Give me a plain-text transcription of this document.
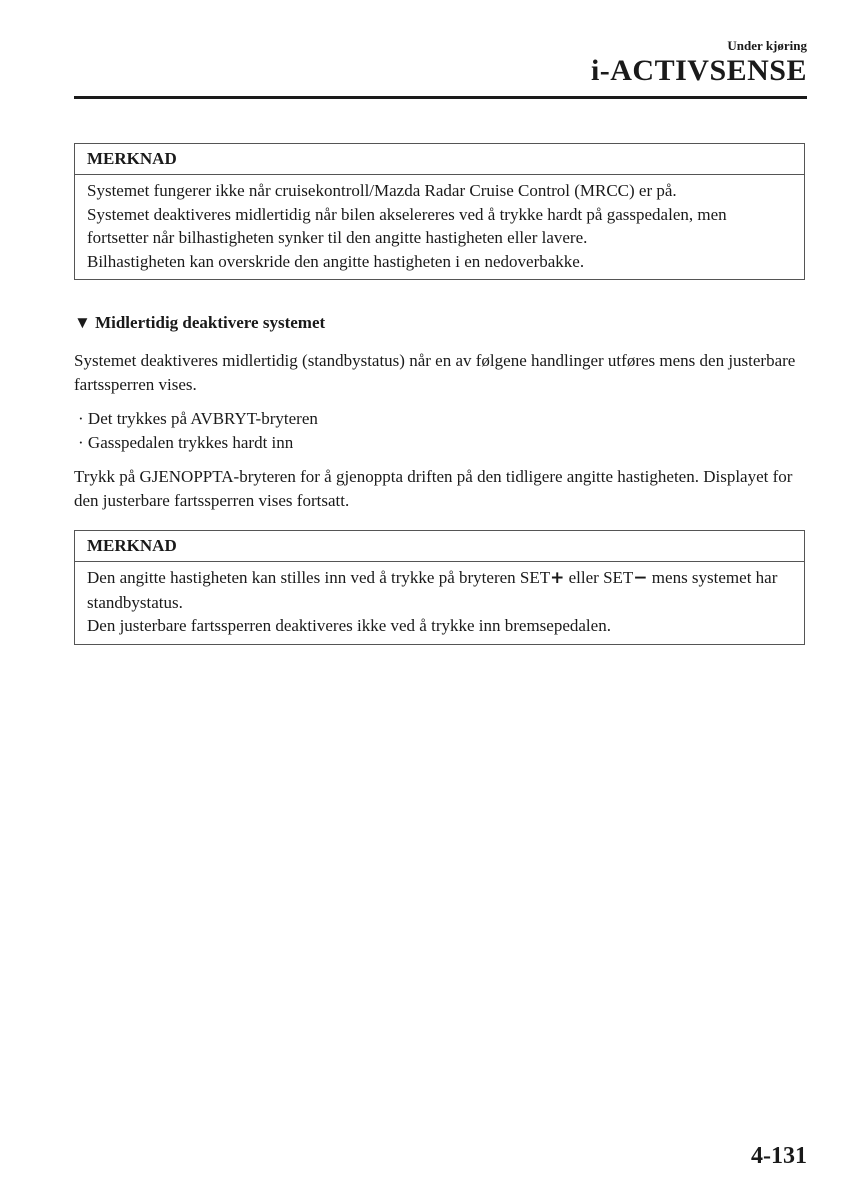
Under kjøring
i-ACTIVSENSE
MERKNAD

Systemet fungerer ikke når cruisekontroll/Mazda Radar Cruise Control (MRCC) er på.

Systemet deaktiveres midlertidig når bilen akselereres ved å trykke hardt på gasspedalen, men fortsetter når bilhastigheten synker til den angitte hastigheten eller lavere.

Bilhastigheten kan overskride den angitte hastigheten i en nedoverbakke.

▼ Midlertidig deaktivere systemet

Systemet deaktiveres midlertidig (standbystatus) når en av følgene handlinger utføres mens den justerbare fartssperren vises.

· Det trykkes på AVBRYT-bryteren
· Gasspedalen trykkes hardt inn

Trykk på GJENOPPTA-bryteren for å gjenoppta driften på den tidligere angitte hastigheten. Displayet for den justerbare fartssperren vises fortsatt.

MERKNAD

Den angitte hastigheten kan stilles inn ved å trykke på bryteren SET+ eller SET− mens systemet har standbystatus.

Den justerbare fartssperren deaktiveres ikke ved å trykke inn bremsepedalen.

4-131
